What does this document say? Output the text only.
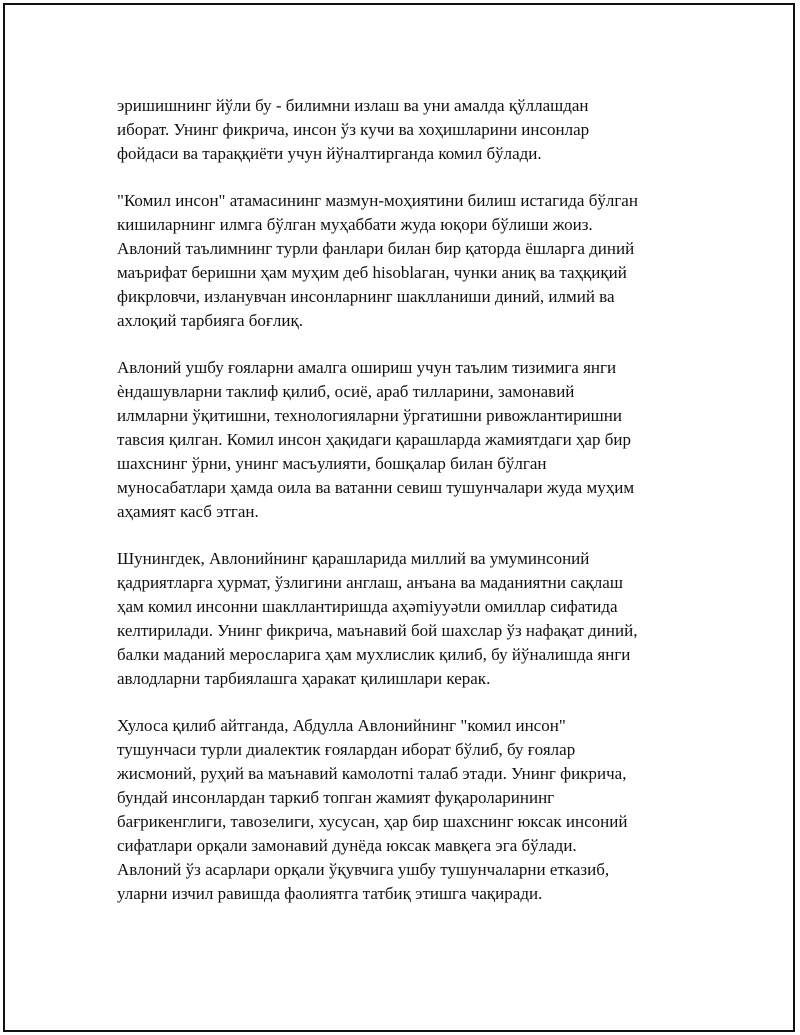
эришишнинг йўли бу - билимни излаш ва уни амалда қўллашдан
иборат. Унинг фикрича, инсон ўз кучи ва хоҳишларини инсонлар
фойдаси ва тараққиёти учун йўналтирганда комил бўлади.
"Комил инсон" атамасининг мазмун-моҳиятини билиш истагида бўлган
кишиларнинг илмга бўлган муҳаббати жуда юқори бўлиши жоиз.
Авлоний таълимнинг турли фанлари билан бир қаторда ёшларга диний
маърифат беришни ҳам муҳим деб hisoblаган, чунки аниқ ва таҳқиқий
фикрловчи, изланувчан инсонларнинг шаклланиши диний, илмий ва
ахлоқий тарбияга боғлиқ.
Авлоний ушбу ғояларни амалга ошириш учун таълим тизимига янги
ѐндашувларни таклиф қилиб, осиё, араб тилларини, замонавий
илмларни ўқитишни, технологияларни ўргатишни ривожлантиришни
тавсия қилган. Комил инсон ҳақидаги қарашларда жамиятдаги ҳар бир
шахснинг ўрни, унинг масъулияти, бошқалар билан бўлган
муносабатлари ҳамда оила ва ватанни севиш тушунчалари жуда муҳим
аҳамият касб этган.
Шунингдек, Авлонийнинг қарашларида миллий ва умуминсоний
қадриятларга ҳурмат, ўзлигини англаш, анъана ва маданиятни сақлаш
ҳам комил инсонни шакллантиришда аҳәmiyyәtли омиллар сифатида
келтирилади. Унинг фикрича, маънавий бой шахслар ўз нафақат диний,
балки маданий меросларига ҳам мухлислик қилиб, бу йўналишда янги
авлодларни тарбиялашга ҳаракат қилишлари керак.
Хулоса қилиб айтганда, Абдулла Авлонийнинг "комил инсон"
тушунчаси турли диалектик ғоялардан иборат бўлиб, бу ғоялар
жисмоний, руҳий ва маънавий камолотni талаб этади. Унинг фикрича,
бундай инсонлардан таркиб топган жамият фуқароларининг
бағрикенглиги, тавозелиги, хусусан, ҳар бир шахснинг юксак инсоний
сифатлари орқали замонавий дунёда юксак мавқега эга бўлади.
Авлоний ўз асарлари орқали ўқувчига ушбу тушунчаларни етказиб,
уларни изчил равишда фаолиятга татбиқ этишга чақиради.
